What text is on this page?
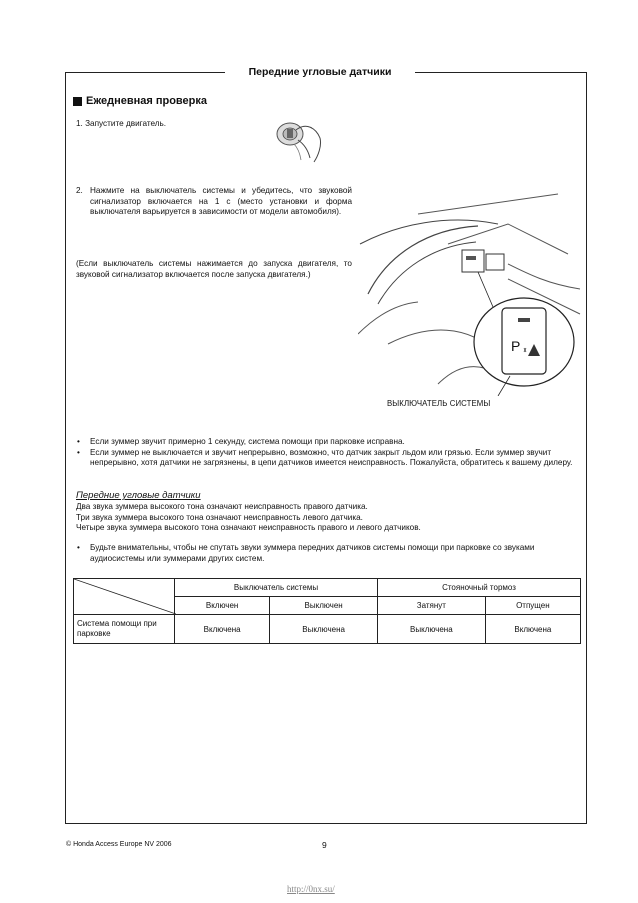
Передние угловые датчики
Ежедневная проверка
1. Запустите двигатель.
2. Нажмите на выключатель системы и убедитесь, что звуковой сигнализатор включается на 1 с (место установки и форма выключателя варьируется в зависимости от модели автомобиля).
(Если выключатель системы нажимается до запуска двигателя, то звуковой сигнализатор включается после запуска двигателя.)
P
ВЫКЛЮЧАТЕЛЬ СИСТЕМЫ
• Если зуммер звучит примерно 1 секунду, система помощи при парковке исправна.
• Если зуммер не выключается и звучит непрерывно, возможно, что датчик закрыт льдом или грязью. Если зуммер звучит непрерывно, хотя датчики не загрязнены, в цепи датчиков имеется неисправность. Пожалуйста, обратитесь к вашему дилеру.
Передние угловые датчики
Два звука зуммера высокого тона означают неисправность правого датчика.
Три звука зуммера высокого тона означают неисправность левого датчика.
Четыре звука зуммера высокого тона означают неисправность правого и левого датчиков.
• Будьте внимательны, чтобы не спутать звуки зуммера передних датчиков системы помощи при парковке со звуками аудиосистемы или зуммерами других систем.
	Выключатель системы		Стояночный тормоз	
	Включен	Выключен	Затянут	Отпущен
Система помощи при парковке	Включена	Выключена	Выключена	Включена
© Honda Access Europe NV 2006	9
http://0nx.su/
